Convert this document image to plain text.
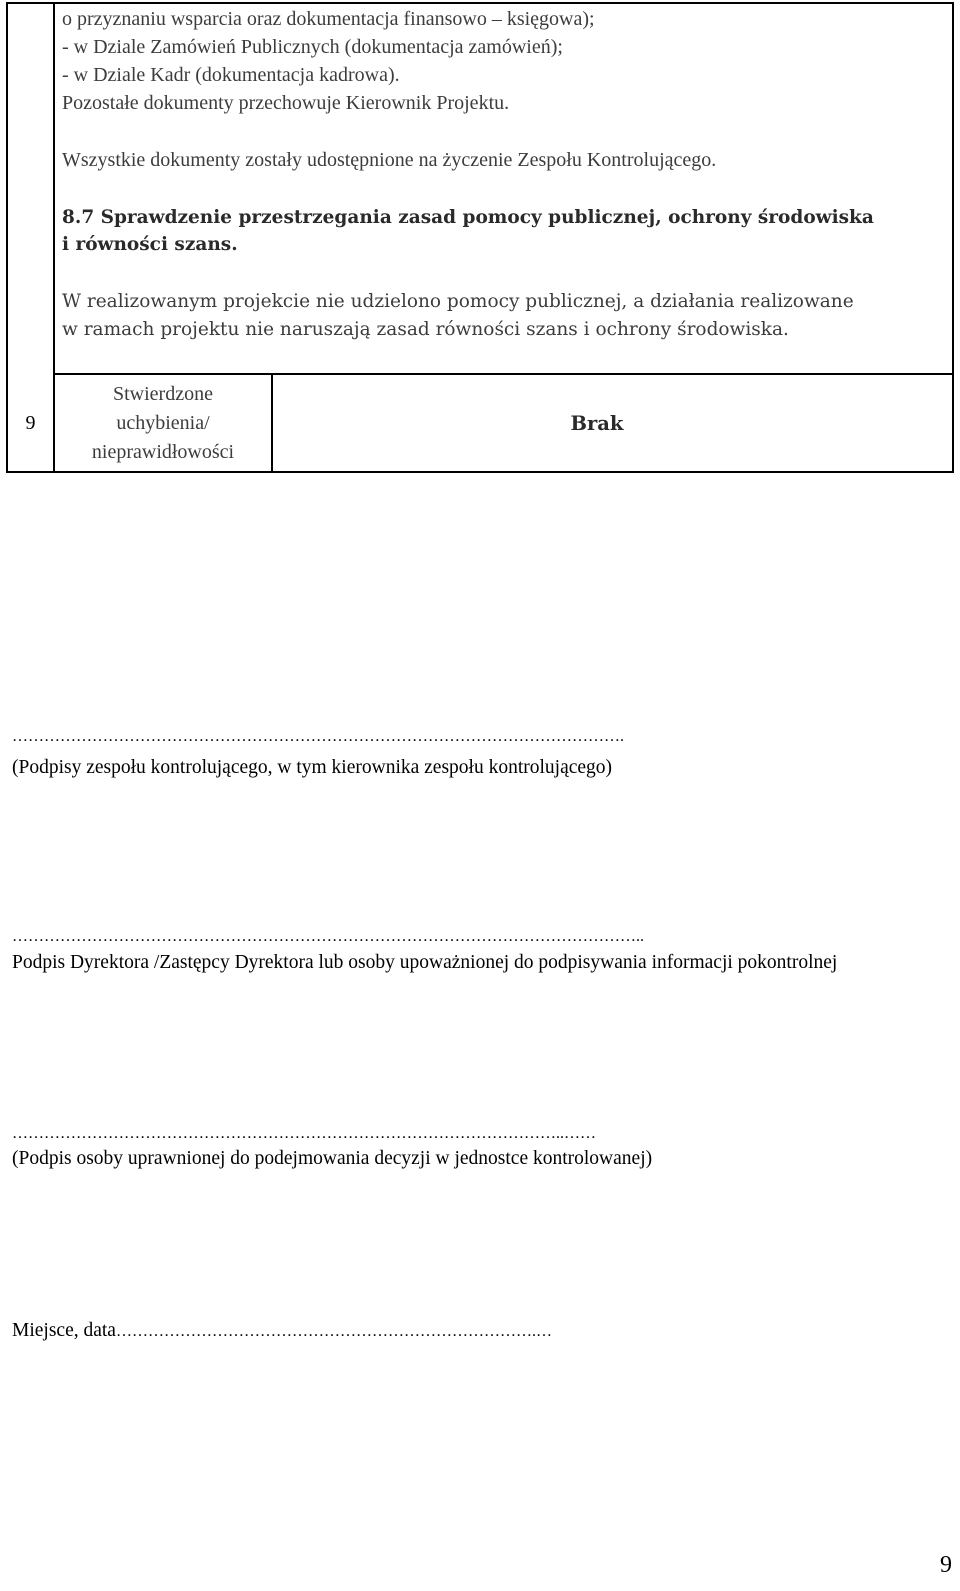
o przyznaniu wsparcia oraz dokumentacja finansowo – księgowa);
- w Dziale Zamówień Publicznych (dokumentacja zamówień);
- w Dziale Kadr (dokumentacja kadrowa).
Pozostałe dokumenty przechowuje Kierownik Projektu.
Wszystkie dokumenty zostały udostępnione na życzenie Zespołu Kontrolującego.
8.7 Sprawdzenie przestrzegania zasad pomocy publicznej, ochrony środowiska
i równości szans.
W realizowanym projekcie nie udzielono pomocy publicznej, a działania realizowane
w ramach projektu nie naruszają zasad równości szans i ochrony środowiska.
9
Stwierdzone
uchybienia/
nieprawidłowości
Brak
…………………………………………………………………………………………………….
(Podpisy zespołu kontrolującego, w tym kierownika zespołu kontrolującego)
………………………………………………………………………………………………………..
Podpis Dyrektora /Zastępcy Dyrektora lub osoby upoważnionej do podpisywania informacji pokontrolnej
…………………………………………………………………………………………..……
(Podpis osoby uprawnionej do podejmowania decyzji w jednostce kontrolowanej)
Miejsce, data…………………………………………………………………….…
9
